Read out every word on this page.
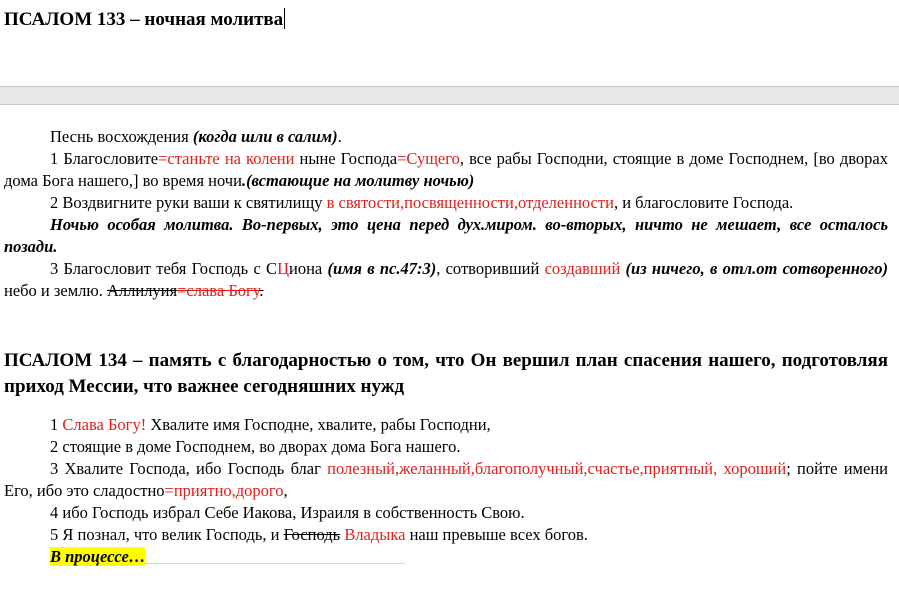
ПСАЛОМ 133 – ночная молитва

Песнь восхождения (когда шли в салим).

1 Благословите=станьте на колени ныне Господа=Сущего, все рабы Господни, стоящие в доме Господнем, [во дворах дома Бога нашего,] во время ночи.(встающие на молитву ночью)

2 Воздвигните руки ваши к святилищу в святости,посвященности,отделенности, и благословите Господа.

Ночью особая молитва. Во-первых, это цена перед дух.миром. во-вторых, ничто не мешает, все осталось позади.

3 Благословит тебя Господь с СЦиона (имя в пс.47:3), сотворивший создавший (из ничего, в отл.от сотворенного) небо и землю. Аллилуия=слава Богу.

ПСАЛОМ 134 – память с благодарностью о том, что Он вершил план спасения нашего, подготовляя приход Мессии, что важнее сегодняшних нужд

1 Слава Богу! Хвалите имя Господне, хвалите, рабы Господни,

2 стоящие в доме Господнем, во дворах дома Бога нашего.

3 Хвалите Господа, ибо Господь благ полезный,желанный,благополучный,счастье,приятный, хороший; пойте имени Его, ибо это сладостно=приятно,дорого,

4 ибо Господь избрал Себе Иакова, Израиля в собственность Свою.

5 Я познал, что велик Господь, и Господь Владыка наш превыше всех богов.

В процессе…
